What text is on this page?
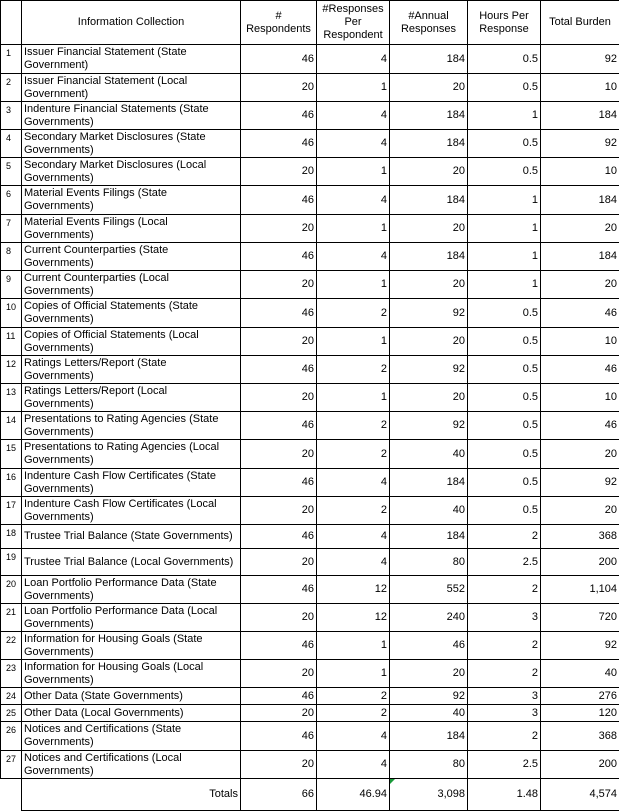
	Information Collection	# Respondents	#Responses Per Respondent	#Annual Responses	Hours Per Response	Total Burden
1	Issuer Financial Statement (State Government)	46	4	184	0.5	92
2	Issuer Financial Statement (Local Government)	20	1	20	0.5	10
3	Indenture Financial Statements (State Governments)	46	4	184	1	184
4	Secondary Market Disclosures (State Governments)	46	4	184	0.5	92
5	Secondary Market Disclosures (Local Governments)	20	1	20	0.5	10
6	Material Events Filings (State Governments)	46	4	184	1	184
7	Material Events Filings (Local Governments)	20	1	20	1	20
8	Current Counterparties (State Governments)	46	4	184	1	184
9	Current Counterparties (Local Governments)	20	1	20	1	20
10	Copies of Official Statements (State Governments)	46	2	92	0.5	46
11	Copies of Official Statements (Local Governments)	20	1	20	0.5	10
12	Ratings Letters/Report (State Governments)	46	2	92	0.5	46
13	Ratings Letters/Report (Local Governments)	20	1	20	0.5	10
14	Presentations to Rating Agencies (State Governments)	46	2	92	0.5	46
15	Presentations to Rating Agencies (Local Governments)	20	2	40	0.5	20
16	Indenture Cash Flow Certificates (State Governments)	46	4	184	0.5	92
17	Indenture Cash Flow Certificates (Local Governments)	20	2	40	0.5	20
18	Trustee Trial Balance (State Governments)	46	4	184	2	368
19	Trustee Trial Balance (Local Governments)	20	4	80	2.5	200
20	Loan Portfolio Performance Data (State Governments)	46	12	552	2	1,104
21	Loan Portfolio Performance Data (Local Governments)	20	12	240	3	720
22	Information for Housing Goals (State Governments)	46	1	46	2	92
23	Information for Housing Goals (Local Governments)	20	1	20	2	40
24	Other Data (State Governments)	46	2	92	3	276
25	Other Data (Local Governments)	20	2	40	3	120
26	Notices and Certifications (State Governments)	46	4	184	2	368
27	Notices and Certifications (Local Governments)	20	4	80	2.5	200
	Totals	66	46.94	3,098	1.48	4,574
